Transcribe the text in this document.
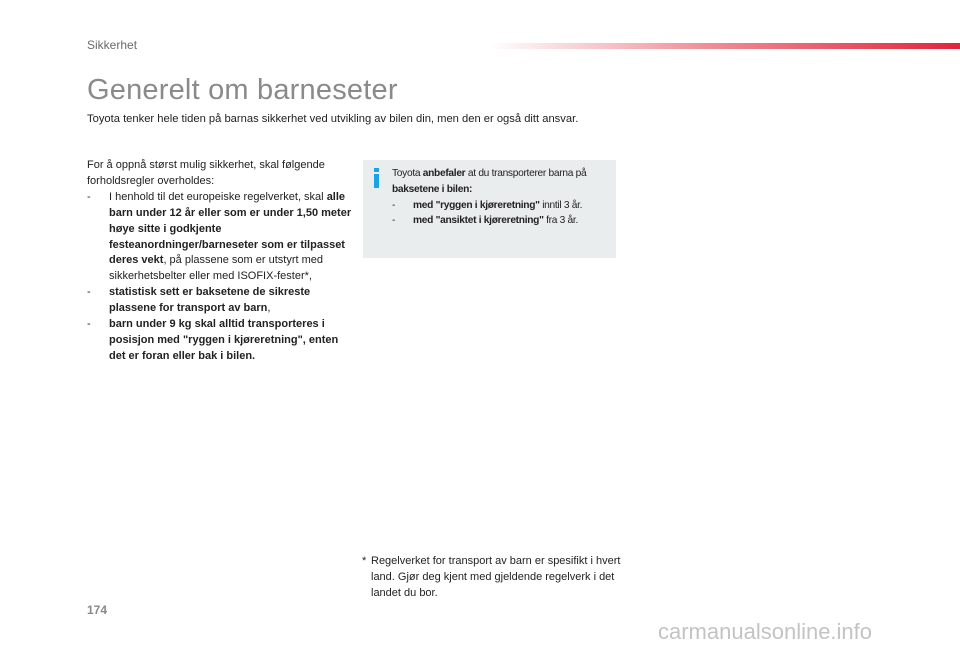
Sikkerhet
Generelt om barneseter
Toyota tenker hele tiden på barnas sikkerhet ved utvikling av bilen din, men den er også ditt ansvar.

For å oppnå størst mulig sikkerhet, skal følgende forholdsregler overholdes:

- I henhold til det europeiske regelverket, skal alle barn under 12 år eller som er under 1,50 meter høye sitte i godkjente festeanordninger/barneseter som er tilpasset deres vekt, på plassene som er utstyrt med sikkerhetsbelter eller med ISOFIX-fester*,
- statistisk sett er baksetene de sikreste plassene for transport av barn,
- barn under 9 kg skal alltid transporteres i posisjon med "ryggen i kjøreretning", enten det er foran eller bak i bilen.

Toyota anbefaler at du transporterer barna på baksetene i bilen:

- med "ryggen i kjøreretning" inntil 3 år.
- med "ansiktet i kjøreretning" fra 3 år.
* Regelverket for transport av barn er spesifikt i hvert land. Gjør deg kjent med gjeldende regelverk i det landet du bor.
174
carmanualsonline.info
